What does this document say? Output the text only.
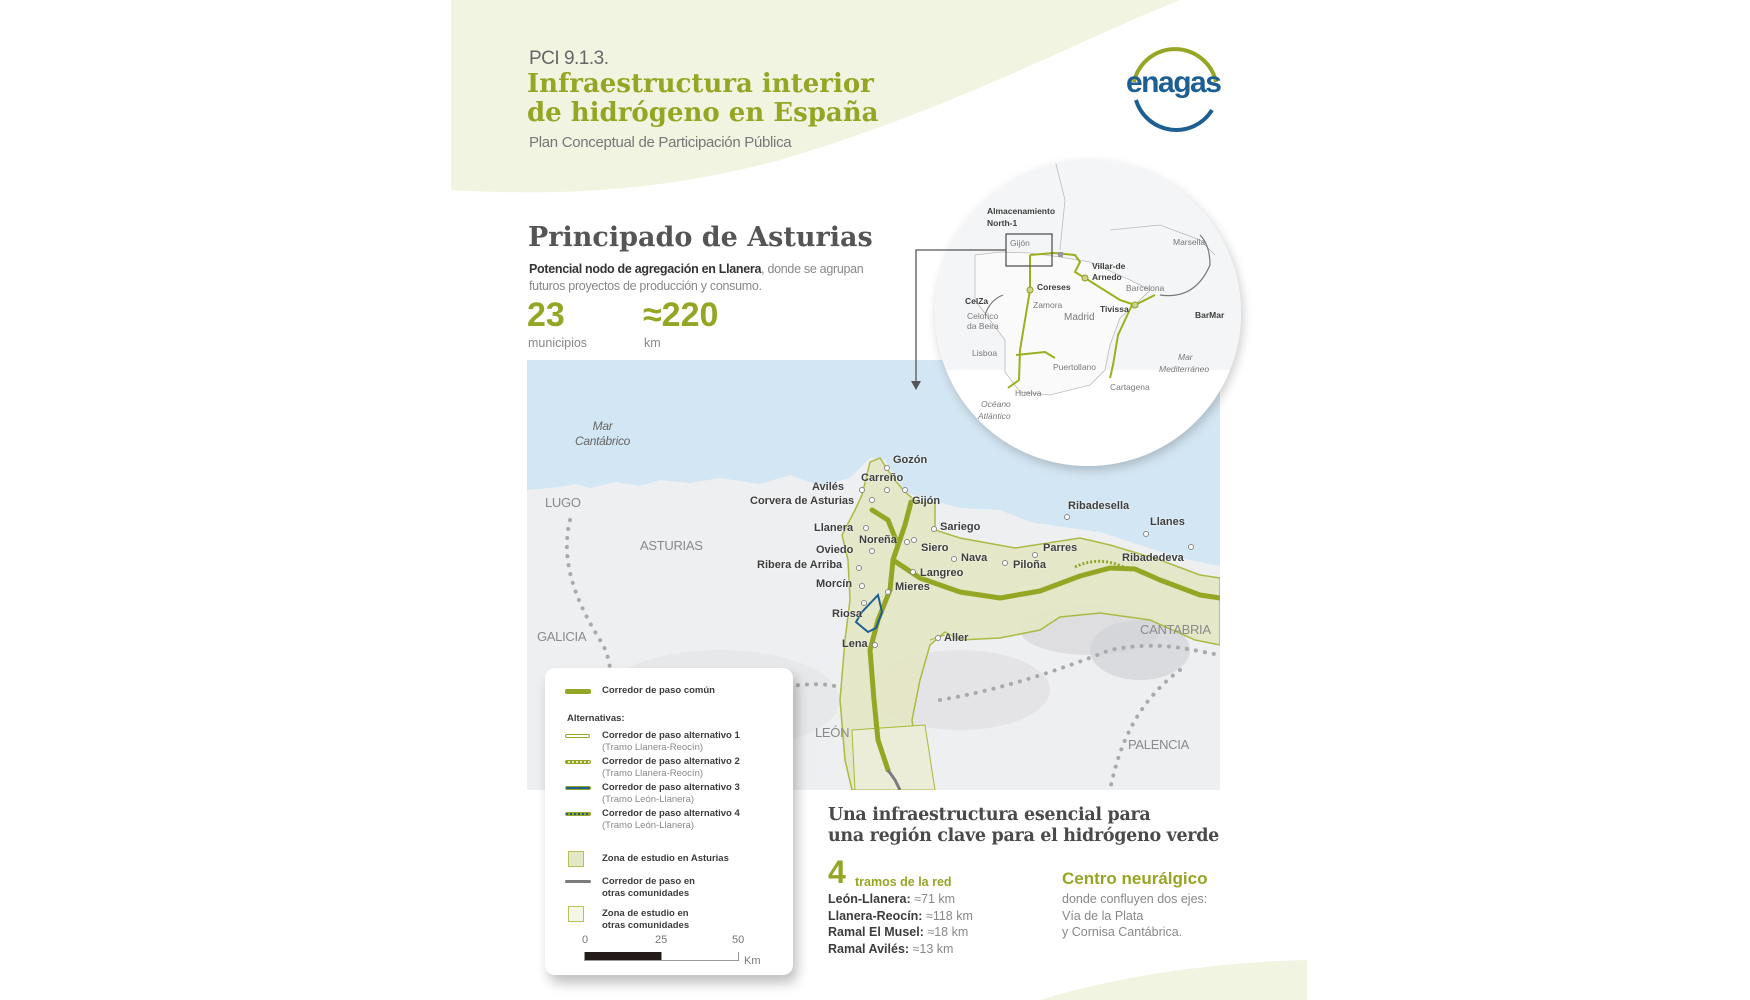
PCI 9.1.3.
Infraestructura interior
de hidrógeno en España
Plan Conceptual de Participación Pública
enagas
Principado de Asturias
Potencial nodo de agregación en Llanera, donde se agrupan
futuros proyectos de producción y consumo.
23
municipios
≈220
km
Mar
Cantábrico
LUGO
ASTURIAS
GALICIA	CANTABRIA
LEÓN
PALENCIA
Gozón
Carreño
Avilés
Corvera de Asturias	Gijón
Llanera	Sariego
Noreña
Siero
Oviedo
Nava
Ribera de Arriba
Langreo
Morcín	Mieres
Riosa
Lena	Aller
Ribadesella
Llanes
Parres
Piloña
Ribadedeva
Almacenamiento
North-1
Gijón	Marsella
Villar-de
Arnedo
Coreses	Barcelona
CelZa	Zamora	Tivissa
BarMar
Madrid
Celorico
da Beira
Lisboa	Mar
Mediterráneo
Puertollano
Cartagena
Huelva
Océano
Atlántico
Corredor de paso común
Alternativas:
Corredor de paso alternativo 1
(Tramo Llanera-Reocín)
Corredor de paso alternativo 2
(Tramo Llanera-Reocín)
Corredor de paso alternativo 3
(Tramo León-Llanera)
Corredor de paso alternativo 4
(Tramo León-Llanera)
Zona de estudio en Asturias
Corredor de paso en
otras comunidades
Zona de estudio en
otras comunidades
0	25	50
Km
Una infraestructura esencial para
una región clave para el hidrógeno verde
4 tramos de la red
León-Llanera: ≈71 km
Llanera-Reocín: ≈118 km
Ramal El Musel: ≈18 km
Ramal Avilés: ≈13 km
Centro neurálgico
donde confluyen dos ejes:
Vía de la Plata
y Cornisa Cantábrica.
